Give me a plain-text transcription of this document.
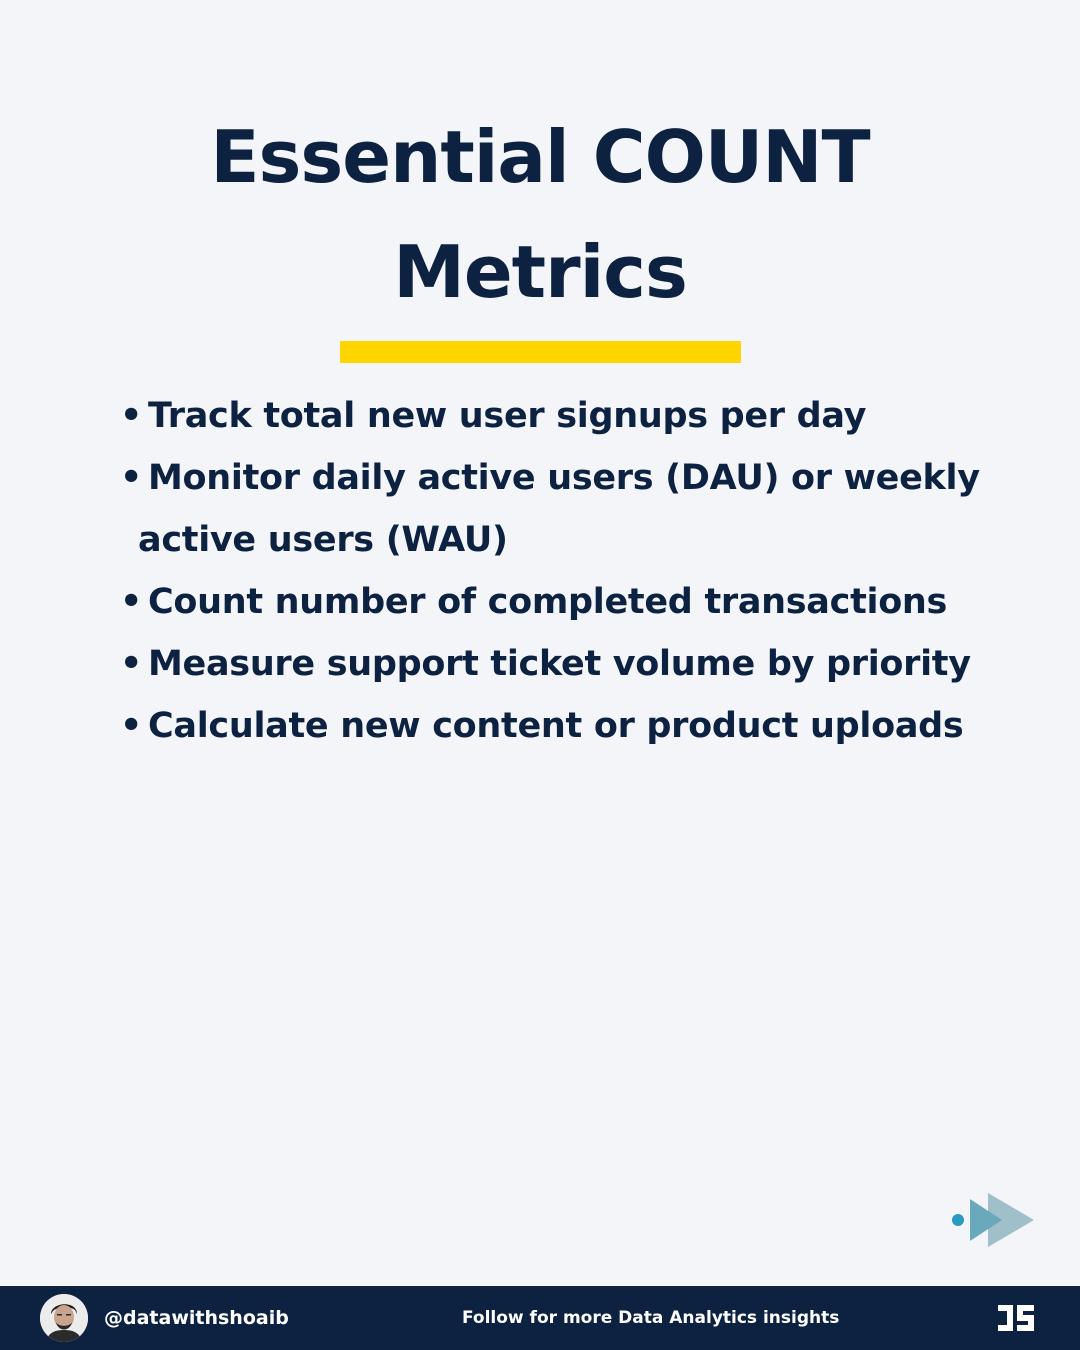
Essential COUNT
Metrics
• Track total new user signups per day
• Monitor daily active users (DAU) or weekly active users (WAU)
• Count number of completed transactions
• Measure support ticket volume by priority
• Calculate new content or product uploads
@datawithshoaib	Follow for more Data Analytics insights
